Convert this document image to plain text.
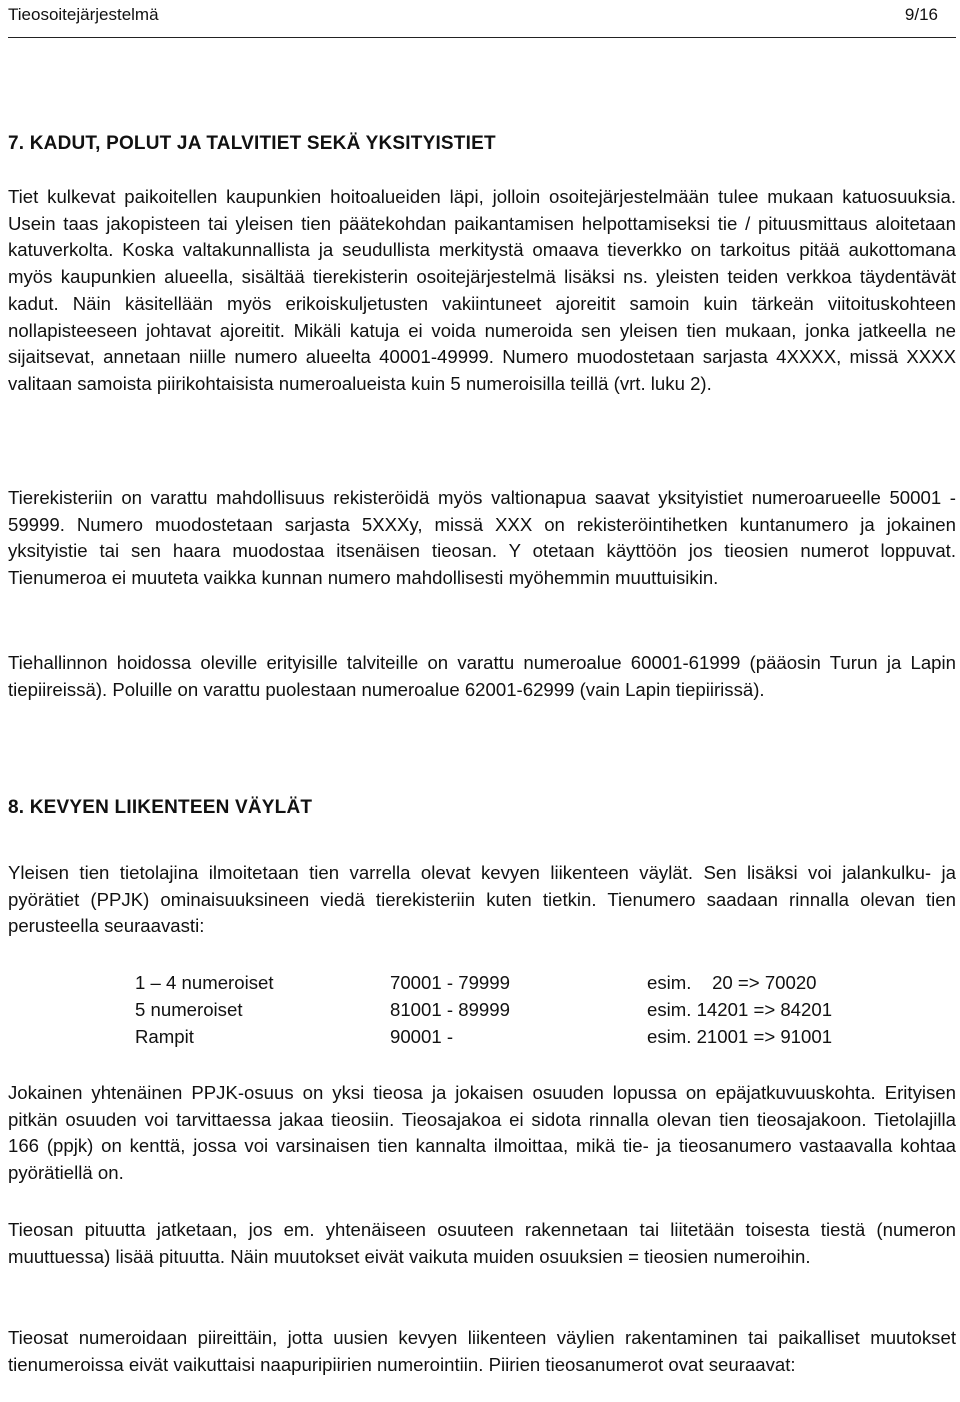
Tieosoitejärjestelmä	9/16
7. KADUT, POLUT JA TALVITIET SEKÄ YKSITYISTIET

Tiet kulkevat paikoitellen kaupunkien hoitoalueiden läpi, jolloin osoitejärjestelmään tulee mukaan katuosuuksia. Usein taas jakopisteen tai yleisen tien päätekohdan paikantamisen helpottamiseksi tie / pituusmittaus aloitetaan katuverkolta. Koska valtakunnallista ja seudullista merkitystä omaava tieverkko on tarkoitus pitää aukottomana myös kaupunkien alueella, sisältää tierekisterin osoitejärjestelmä lisäksi ns. yleisten teiden verkkoa täydentävät kadut. Näin käsitellään myös erikoiskuljetusten vakiintuneet ajoreitit samoin kuin tärkeän viitoituskohteen nollapisteeseen johtavat ajoreitit. Mikäli katuja ei voida numeroida sen yleisen tien mukaan, jonka jatkeella ne sijaitsevat, annetaan niille numero alueelta 40001-49999. Numero muodostetaan sarjasta 4XXXX, missä XXXX valitaan samoista piirikohtaisista numeroalueista kuin 5 numeroisilla teillä (vrt. luku 2).

Tierekisteriin on varattu mahdollisuus rekisteröidä myös valtionapua saavat yksityistiet numeroarueelle 50001 - 59999. Numero muodostetaan sarjasta 5XXXy, missä XXX on rekisteröintihetken kuntanumero ja jokainen yksityistie tai sen haara muodostaa itsenäisen tieosan. Y otetaan käyttöön jos tieosien numerot loppuvat. Tienumeroa ei muuteta vaikka kunnan numero mahdollisesti myöhemmin muuttuisikin.

Tiehallinnon hoidossa oleville erityisille talviteille on varattu numeroalue 60001-61999 (pääosin Turun ja Lapin tiepiireissä). Poluille on varattu puolestaan numeroalue 62001-62999 (vain Lapin tiepiirissä).

8. KEVYEN LIIKENTEEN VÄYLÄT

Yleisen tien tietolajina ilmoitetaan tien varrella olevat kevyen liikenteen väylät. Sen lisäksi voi jalankulku- ja pyörätiet (PPJK) ominaisuuksineen viedä tierekisteriin kuten tietkin. Tienumero saadaan rinnalla olevan tien perusteella seuraavasti:

1 – 4 numeroiset	70001 - 79999	esim.    20 => 70020
5 numeroiset	81001 - 89999	esim. 14201 => 84201
Rampit	90001 -	esim. 21001 => 91001

Jokainen yhtenäinen PPJK-osuus on yksi tieosa ja jokaisen osuuden lopussa on epäjatkuvuuskohta. Erityisen pitkän osuuden voi tarvittaessa jakaa tieosiin. Tieosajakoa ei sidota rinnalla olevan tien tieosajakoon. Tietolajilla 166 (ppjk) on kenttä, jossa voi varsinaisen tien kannalta ilmoittaa, mikä tie- ja tieosanumero vastaavalla kohtaa pyörätiellä on.

Tieosan pituutta jatketaan, jos em. yhtenäiseen osuuteen rakennetaan tai liitetään toisesta tiestä (numeron muuttuessa) lisää pituutta. Näin muutokset eivät vaikuta muiden osuuksien = tieosien numeroihin.

Tieosat numeroidaan piireittäin, jotta uusien kevyen liikenteen väylien rakentaminen tai paikalliset muutokset tienumeroissa eivät vaikuttaisi naapuripiirien numerointiin. Piirien tieosanumerot ovat seuraavat:
